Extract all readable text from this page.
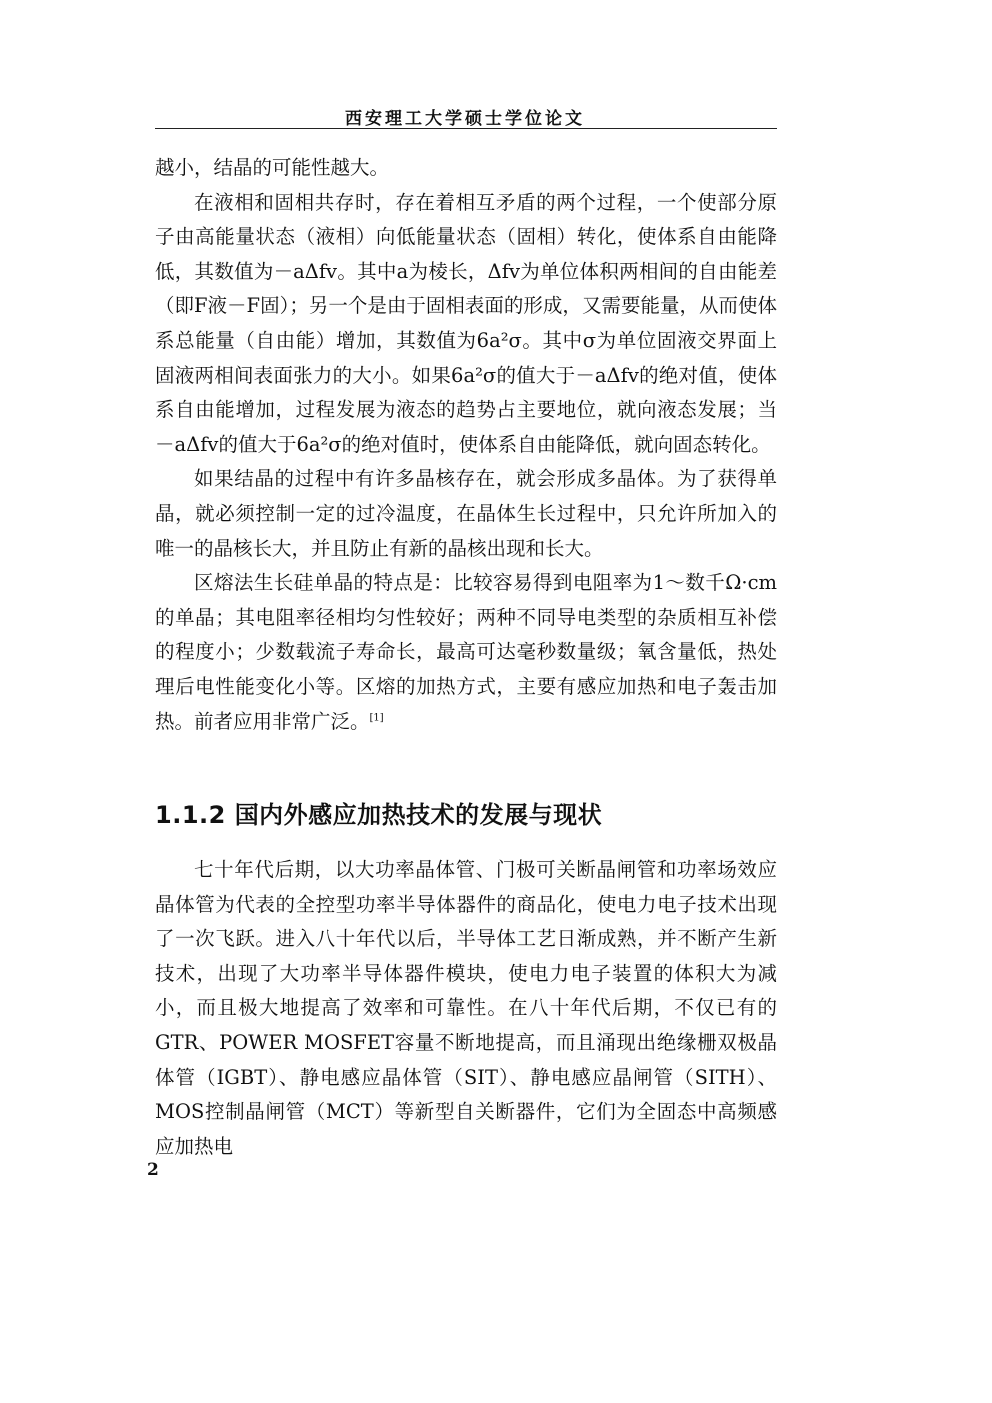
西安理工大学硕士学位论文

越小，结晶的可能性越大。

在液相和固相共存时，存在着相互矛盾的两个过程，一个使部分原子由高能量状态（液相）向低能量状态（固相）转化，使体系自由能降低，其数值为－aΔfv。其中a为棱长，Δfv为单位体积两相间的自由能差（即F液－F固）；另一个是由于固相表面的形成，又需要能量，从而使体系总能量（自由能）增加，其数值为6a²σ。其中σ为单位固液交界面上固液两相间表面张力的大小。如果6a²σ的值大于－aΔfv的绝对值，使体系自由能增加，过程发展为液态的趋势占主要地位，就向液态发展；当－aΔfv的值大于6a²σ的绝对值时，使体系自由能降低，就向固态转化。

如果结晶的过程中有许多晶核存在，就会形成多晶体。为了获得单晶，就必须控制一定的过冷温度，在晶体生长过程中，只允许所加入的唯一的晶核长大，并且防止有新的晶核出现和长大。

区熔法生长硅单晶的特点是：比较容易得到电阻率为1～数千Ω·cm的单晶；其电阻率径相均匀性较好；两种不同导电类型的杂质相互补偿的程度小；少数载流子寿命长，最高可达毫秒数量级；氧含量低，热处理后电性能变化小等。区熔的加热方式，主要有感应加热和电子轰击加热。前者应用非常广泛。[1]

1.1.2 国内外感应加热技术的发展与现状

七十年代后期，以大功率晶体管、门极可关断晶闸管和功率场效应晶体管为代表的全控型功率半导体器件的商品化，使电力电子技术出现了一次飞跃。进入八十年代以后，半导体工艺日渐成熟，并不断产生新技术，出现了大功率半导体器件模块，使电力电子装置的体积大为减小，而且极大地提高了效率和可靠性。在八十年代后期，不仅已有的GTR、POWER MOSFET容量不断地提高，而且涌现出绝缘栅双极晶体管（IGBT）、静电感应晶体管（SIT）、静电感应晶闸管（SITH）、MOS控制晶闸管（MCT）等新型自关断器件，它们为全固态中高频感应加热电

2
